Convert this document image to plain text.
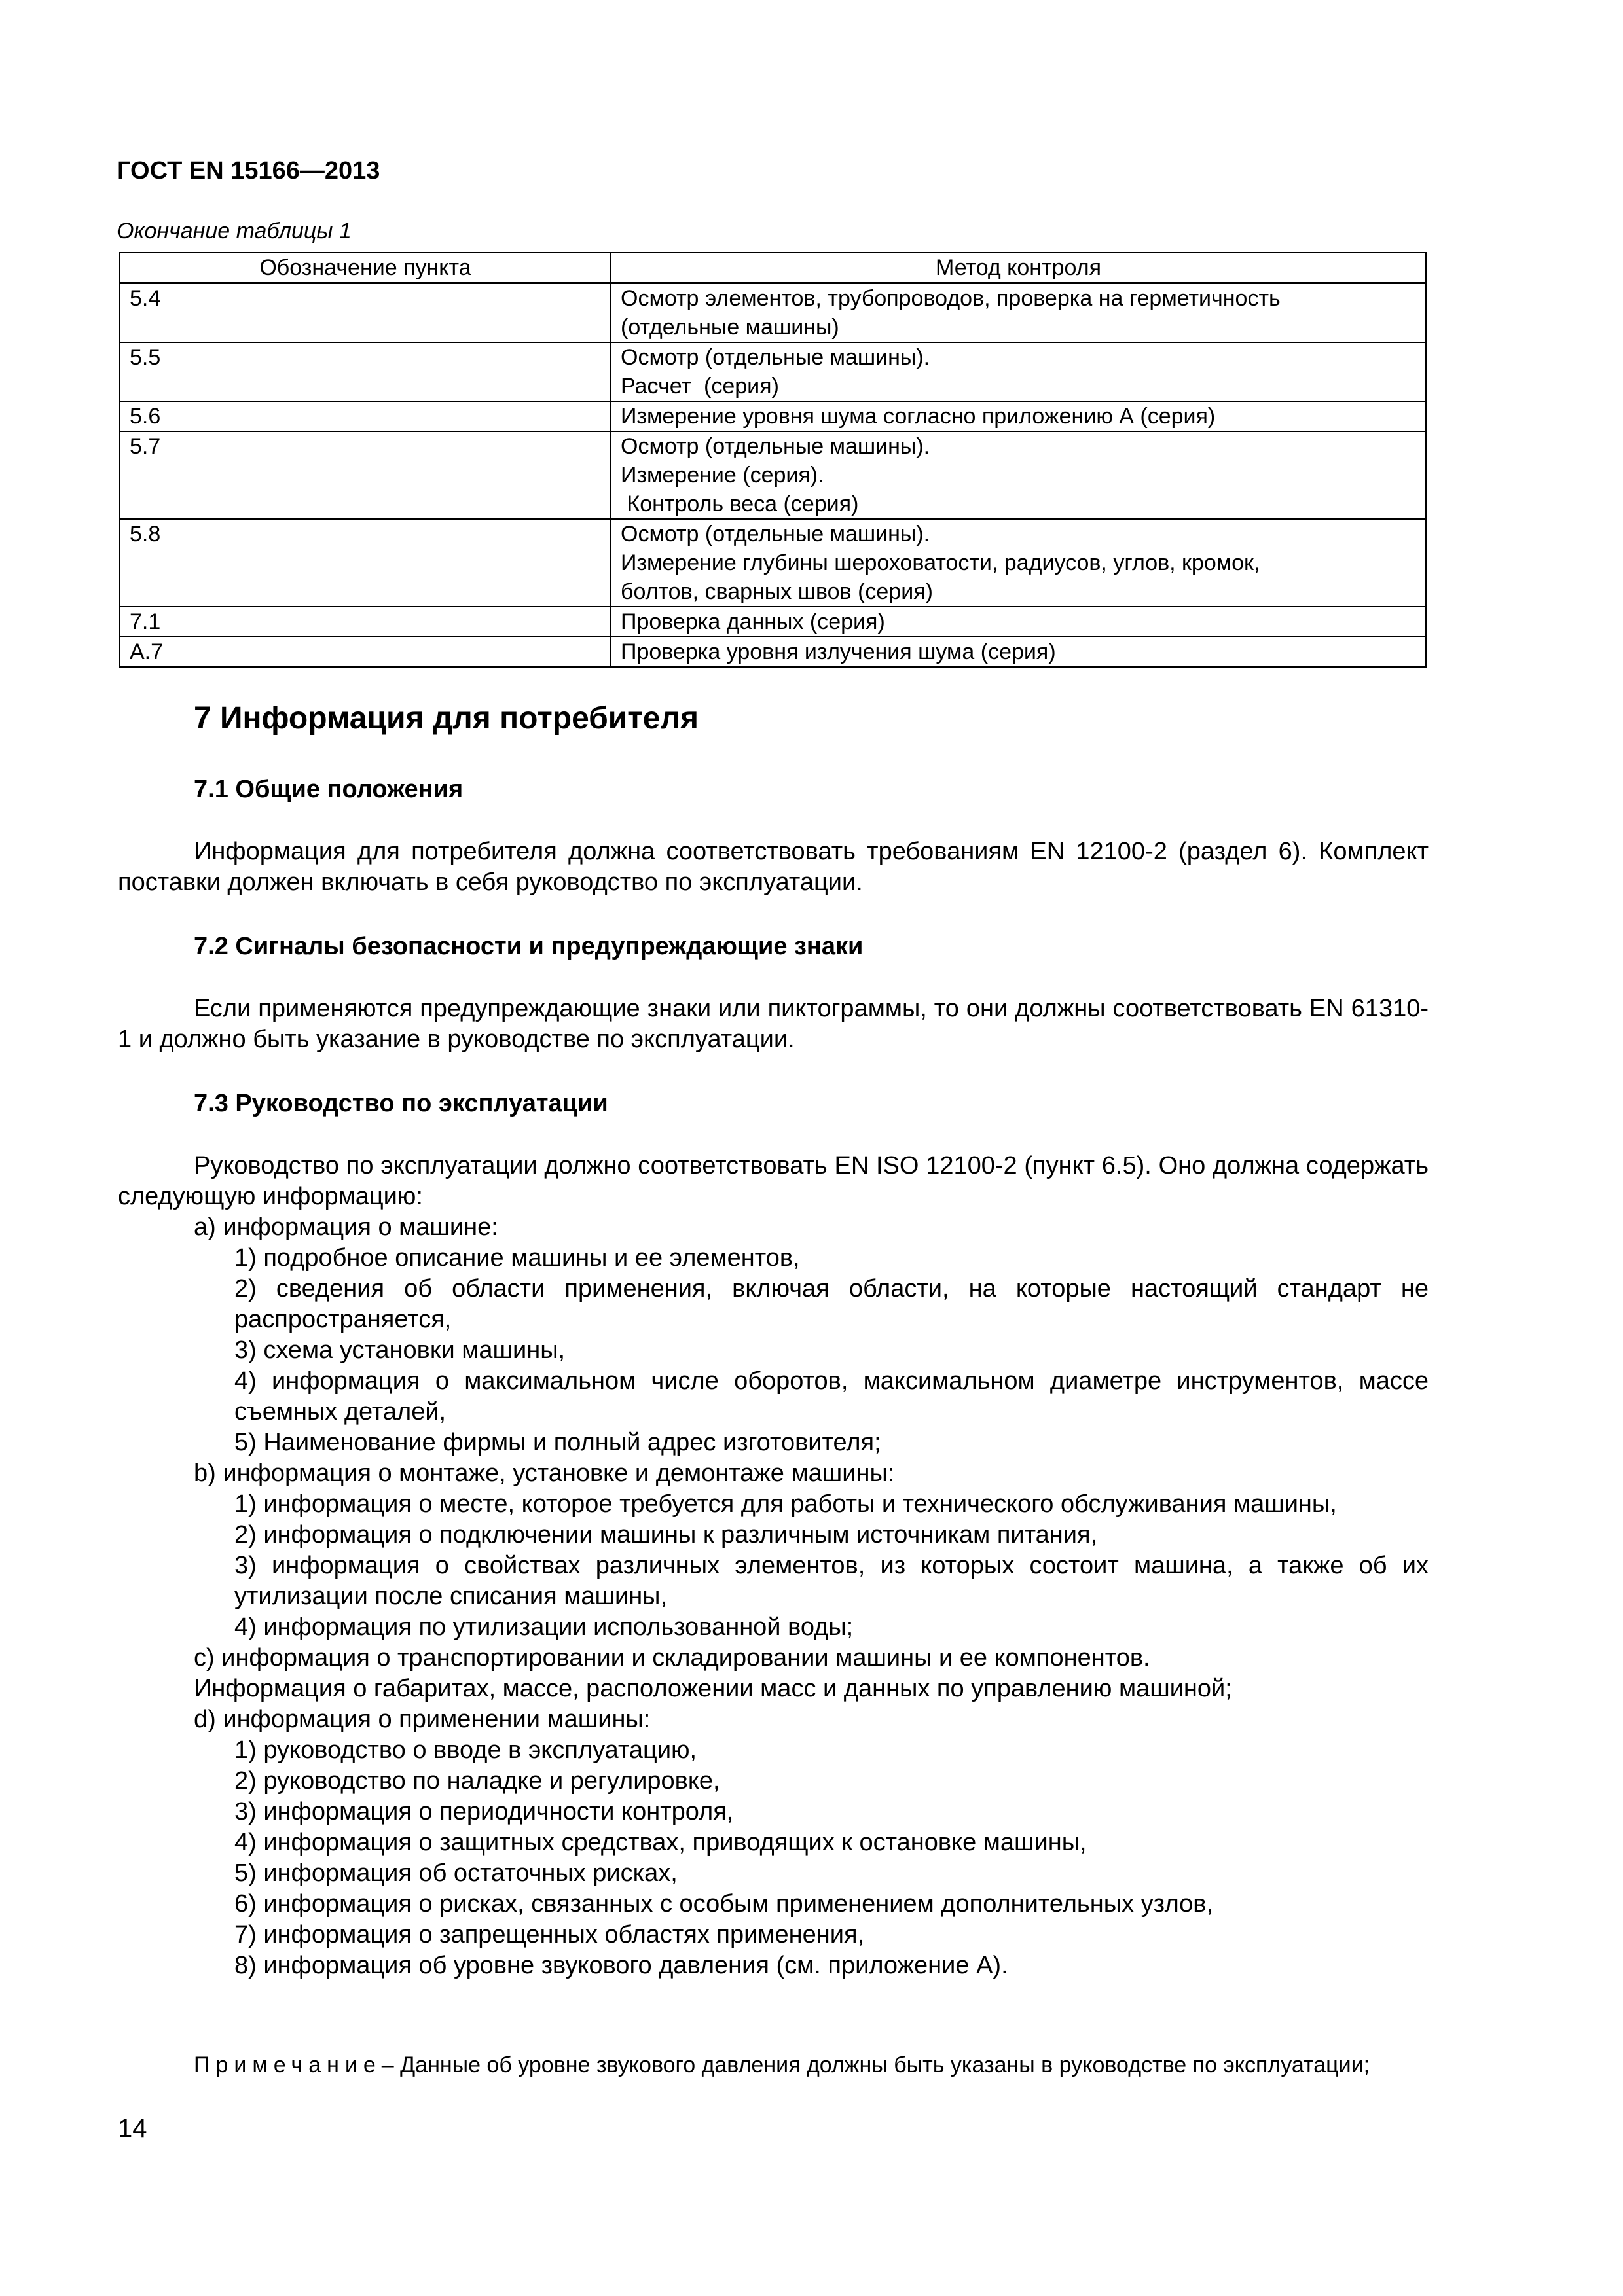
ГОСТ EN 15166—2013
Окончание таблицы 1
Обозначение пункта	Метод контроля
5.4	Осмотр элементов, трубопроводов, проверка на герметичность
(отдельные машины)

5.5	Осмотр (отдельные машины).
Расчет  (серия)

5.6	Измерение уровня шума согласно приложению А (серия)

5.7	Осмотр (отдельные машины).
Измерение (серия).
Контроль веса (серия)

5.8	Осмотр (отдельные машины).
Измерение глубины шероховатости, радиусов, углов, кромок,
болтов, сварных швов (серия)

7.1	Проверка данных (серия)

А.7	Проверка уровня излучения шума (серия)
7 Информация для потребителя
7.1 Общие положения
Информация для потребителя должна соответствовать требованиям EN 12100-2 (раздел 6). Комплект поставки должен включать в себя руководство по эксплуатации.
7.2 Сигналы безопасности и предупреждающие знаки
Если применяются предупреждающие знаки или пиктограммы, то они должны соответствовать EN 61310-1 и должно быть указание в руководстве по эксплуатации.
7.3 Руководство по эксплуатации
Руководство по эксплуатации должно соответствовать EN ISO 12100-2 (пункт 6.5). Оно должна содержать следующую информацию:
а) информация о машине:
1) подробное описание машины и ее элементов,
2) сведения об области применения, включая области, на которые настоящий стандарт не распространяется,
3) схема установки машины,
4) информация о максимальном числе оборотов, максимальном диаметре инструментов, массе съемных деталей,
5) Наименование фирмы и полный адрес изготовителя;
b) информация о монтаже, установке и демонтаже машины:
1) информация о месте, которое требуется для работы и технического обслуживания машины,
2) информация о подключении машины к различным источникам питания,
3) информация о свойствах различных элементов, из которых состоит машина, а также об их утилизации после списания машины,
4) информация по утилизации использованной воды;
с) информация о транспортировании и складировании машины и ее компонентов.
Информация о габаритах, массе, расположении масс и данных по управлению машиной;
d) информация о применении машины:
1) руководство о вводе в эксплуатацию,
2) руководство по наладке и регулировке,
3) информация о периодичности контроля,
4) информация о защитных средствах, приводящих к остановке машины,
5) информация об остаточных рисках,
6) информация о рисках, связанных с особым применением дополнительных узлов,
7) информация о запрещенных областях применения,
8) информация об уровне звукового давления (см. приложение А).
Примечание– Данные об уровне звукового давления должны быть указаны в руководстве по эксплуатации;
14
